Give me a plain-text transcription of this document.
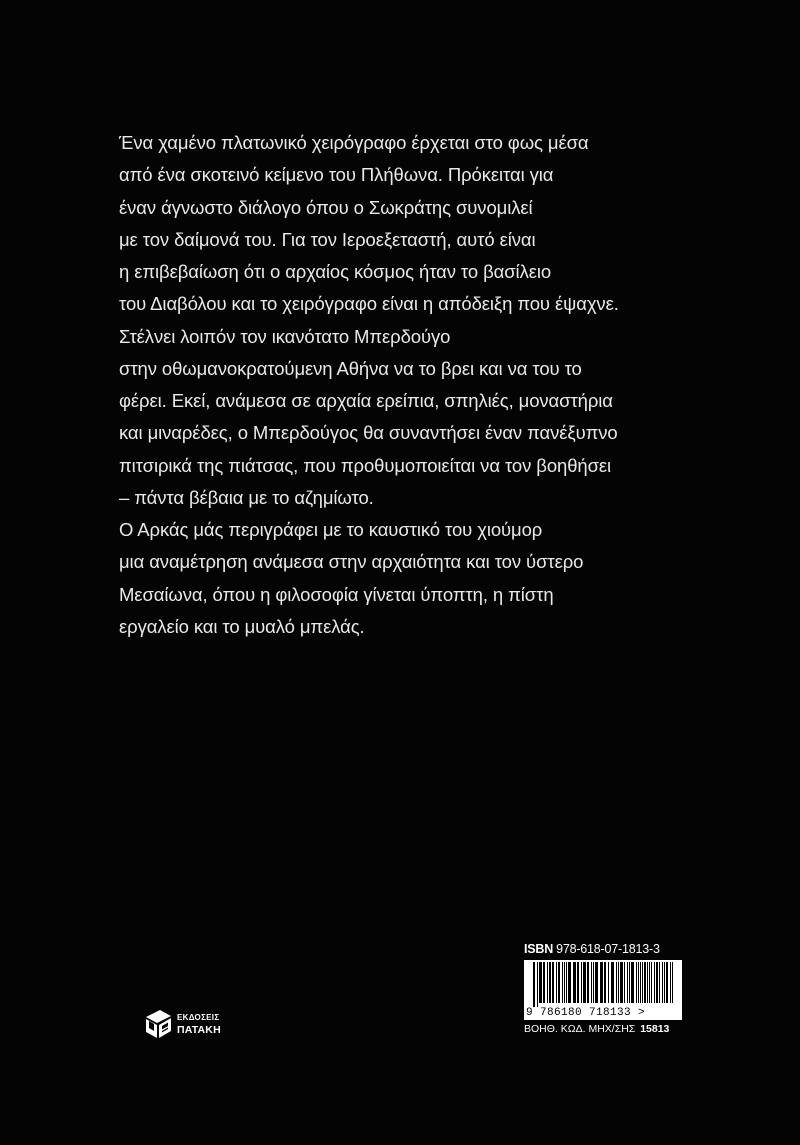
Ένα χαμένο πλατωνικό χειρόγραφο έρχεται στο φως μέσα
από ένα σκοτεινό κείμενο του Πλήθωνα. Πρόκειται για
έναν άγνωστο διάλογο όπου ο Σωκράτης συνομιλεί
με τον δαίμονά του. Για τον Ιεροεξεταστή, αυτό είναι
η επιβεβαίωση ότι ο αρχαίος κόσμος ήταν το βασίλειο
του Διαβόλου και το χειρόγραφο είναι η απόδειξη που έψαχνε.
Στέλνει λοιπόν τον ικανότατο Μπερδούγο
στην οθωμανοκρατούμενη Αθήνα να το βρει και να του το
φέρει. Εκεί, ανάμεσα σε αρχαία ερείπια, σπηλιές, μοναστήρια
και μιναρέδες, ο Μπερδούγος θα συναντήσει έναν πανέξυπνο
πιτσιρικά της πιάτσας, που προθυμοποιείται να τον βοηθήσει
– πάντα βέβαια με το αζημίωτο.
Ο Αρκάς μάς περιγράφει με το καυστικό του χιούμορ
μια αναμέτρηση ανάμεσα στην αρχαιότητα και τον ύστερο
Μεσαίωνα, όπου η φιλοσοφία γίνεται ύποπτη, η πίστη
εργαλείο και το μυαλό μπελάς.
ΕΚΔΟΣΕΙΣ
ΠΑΤΑΚΗ
ISBN 978-618-07-1813-3
9 786180 718133 >
ΒΟΗΘ. ΚΩΔ. ΜΗΧ/ΣΗΣ 15813
